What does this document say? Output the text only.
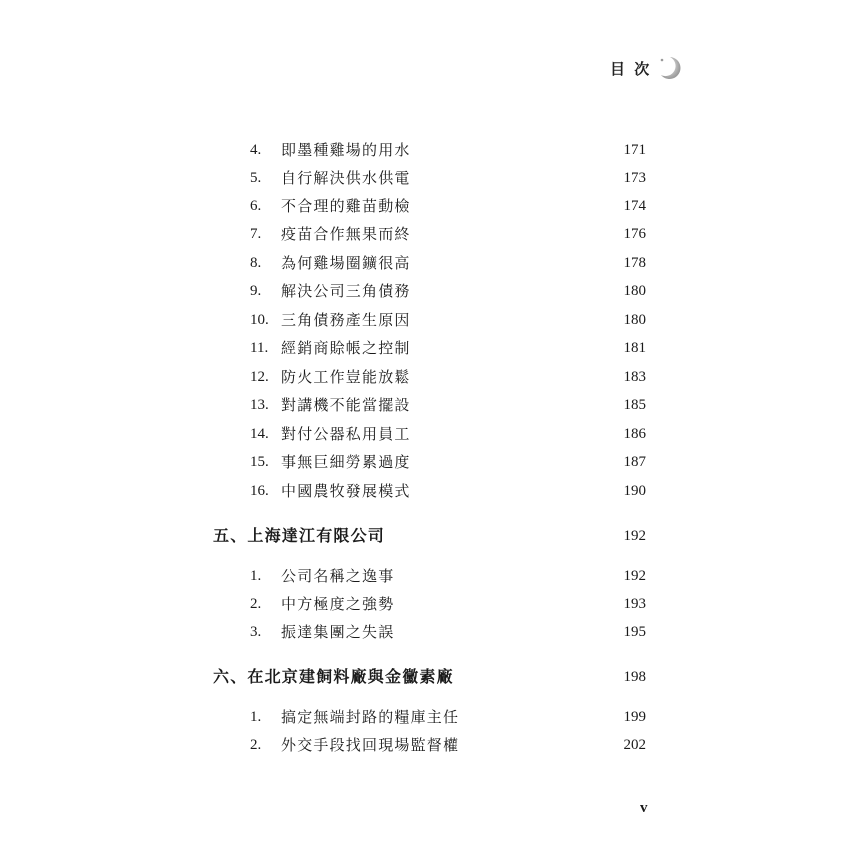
目 次
4. 即墨種雞場的用水	171
5. 自行解決供水供電	173
6. 不合理的雞苗動檢	174
7. 疫苗合作無果而終	176
8. 為何雞場圈鑛很高	178
9. 解決公司三角債務	180
10. 三角債務產生原因	180
11. 經銷商賒帳之控制	181
12. 防火工作豈能放鬆	183
13. 對講機不能當擺設	185
14. 對付公器私用員工	186
15. 事無巨細勞累過度	187
16. 中國農牧發展模式	190
五、上海達江有限公司	192
1. 公司名稱之逸事	192
2. 中方極度之強勢	193
3. 振達集團之失誤	195
六、在北京建飼料廠與金黴素廠	198
1. 搞定無端封路的糧庫主任	199
2. 外交手段找回現場監督權	202
v
